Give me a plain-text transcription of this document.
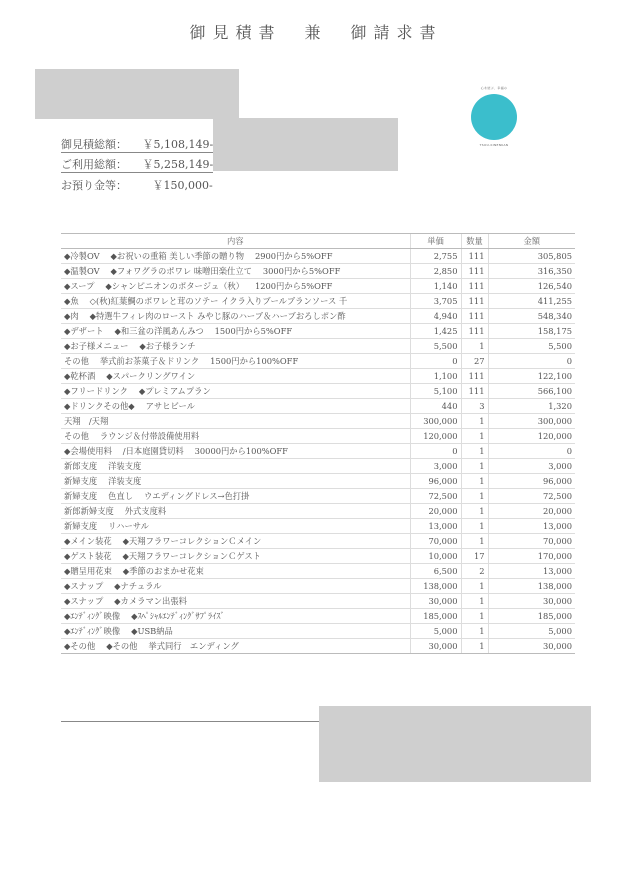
御見積書　兼　御請求書
御見積総額： ￥5,108,149-
ご利用総額： ￥5,258,149-
お預り金等： ￥150,000-
心を結ぶ、幸福の
TSOU-KINENKAN
内容	単価	数量	金額
◆冷製OV　 ◆お祝いの重箱 美しい季節の贈り物 　2900円から5%OFF	2,755	111	305,805
◆温製OV　 ◆フォワグラのポワレ 味噌田楽仕立て　 3000円から5%OFF	2,850	111	316,350
◆スープ　 ◆シャンピニオンのポタージュ（秋） 　1200円から5%OFF	1,140	111	126,540
◆魚　 ◇(秋)紅葉鯛のポワレと茸のソテー イクラ入りブールブランソース 千	3,705	111	411,255
◆肉　 ◆特選牛フィレ肉のロースト みやじ豚のハーブ＆ハーブおろしポン酢	4,940	111	548,340
◆デザート　 ◆和三盆の洋風あんみつ　 1500円から5%OFF	1,425	111	158,175
◆お子様メニュー　 ◆お子様ランチ	5,500	1	5,500
その他　 挙式前お茶菓子＆ドリンク　 1500円から100%OFF	0	27	0
◆乾杯酒　 ◆スパークリングワイン	1,100	111	122,100
◆フリードリンク　 ◆プレミアムプラン	5,100	111	566,100
◆ドリンクその他◆　 アサヒビール	440	3	1,320
天翔　/天翔	300,000	1	300,000
その他　 ラウンジ＆付帯設備使用料	120,000	1	120,000
◆会場使用料　 /日本庭園貸切料　 30000円から100%OFF	0	1	0
新郎支度　 洋装支度	3,000	1	3,000
新婦支度　 洋装支度	96,000	1	96,000
新婦支度　 色直し　 ウエディングドレス→色打掛	72,500	1	72,500
新郎新婦支度　 外式支度料	20,000	1	20,000
新婦支度　 リハーサル	13,000	1	13,000
◆メイン装花　 ◆天翔フラワーコレクションＣメイン	70,000	1	70,000
◆ゲスト装花　 ◆天翔フラワーコレクションＣゲスト	10,000	17	170,000
◆贈呈用花束　 ◆季節のおまかせ花束	6,500	2	13,000
◆スナップ　 ◆ナチュラル	138,000	1	138,000
◆スナップ　 ◆カメラマン出張料	30,000	1	30,000
◆ｴﾝﾃﾞｨﾝｸﾞ映像　 ◆ｽﾍﾟｼｬﾙｴﾝﾃﾞｨﾝｸﾞｻﾌﾟﾗｲｽﾞ	185,000	1	185,000
◆ｴﾝﾃﾞｨﾝｸﾞ映像　 ◆USB納品	5,000	1	5,000
◆その他　 ◆その他　 挙式同行　エンディング	30,000	1	30,000
